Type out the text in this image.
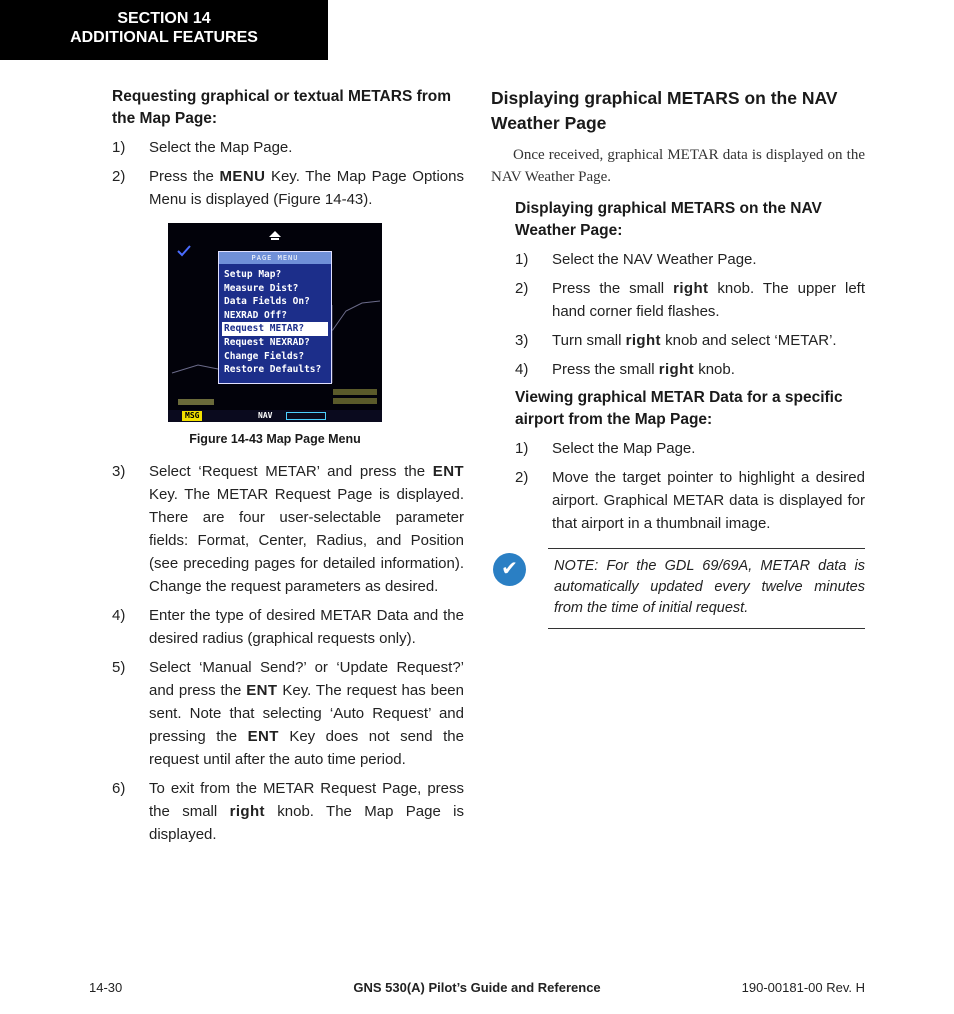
SECTION 14
ADDITIONAL FEATURES
Requesting graphical or textual METARS from the Map Page:
1) Select the Map Page.
2) Press the MENU Key. The Map Page Options Menu is displayed (Figure 14-43).
PAGE MENU
Setup Map?
Measure Dist?
Data Fields On?
NEXRAD Off?
Request METAR?
Request NEXRAD?
Change Fields?
Restore Defaults?
MSG	NAV
Figure 14-43 Map Page Menu
3) Select ‘Request METAR’ and press the ENT Key. The METAR Request Page is displayed. There are four user-selectable parameter fields: Format, Center, Radius, and Position (see preceding pages for detailed information). Change the request parameters as desired.
4) Enter the type of desired METAR Data and the desired radius (graphical requests only).
5) Select ‘Manual Send?’ or ‘Update Request?’ and press the ENT Key. The request has been sent. Note that selecting ‘Auto Request’ and pressing the ENT Key does not send the request until after the auto time period.
6) To exit from the METAR Request Page, press the small right knob. The Map Page is displayed.
Displaying graphical METARS on the NAV Weather Page

Once received, graphical METAR data is displayed on the NAV Weather Page.

Displaying graphical METARS on the NAV Weather Page:
1) Select the NAV Weather Page.
2) Press the small right knob. The upper left hand corner field flashes.
3) Turn small right knob and select ‘METAR’.
4) Press the small right knob.
Viewing graphical METAR Data for a specific airport from the Map Page:
1) Select the Map Page.
2) Move the target pointer to highlight a desired airport. Graphical METAR data is displayed for that airport in a thumbnail image.
✔	NOTE: For the GDL 69/69A, METAR data is automatically updated every twelve minutes from the time of initial request.
14-30	GNS 530(A) Pilot’s Guide and Reference	190-00181-00 Rev. H
